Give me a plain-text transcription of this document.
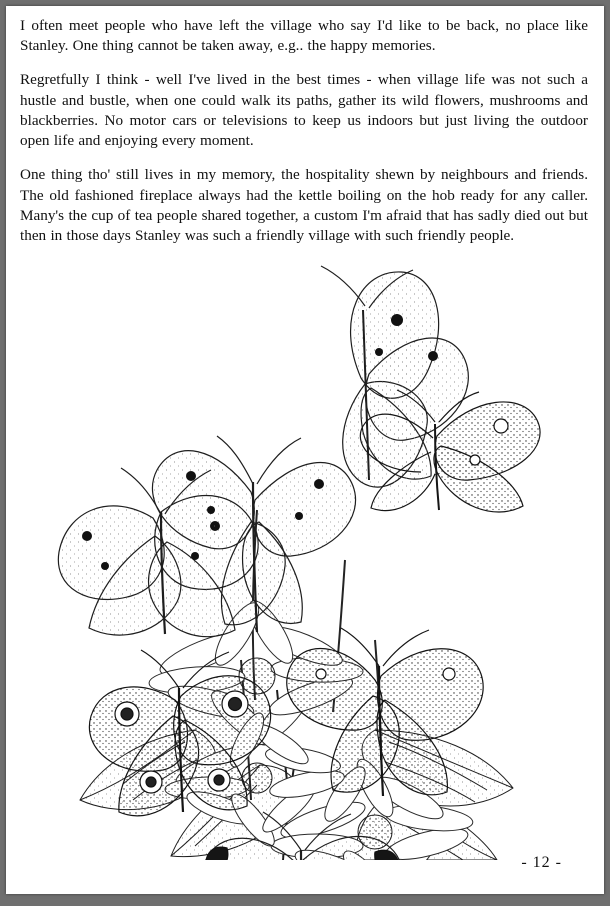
I often meet people who have left the village who say I'd like to be back, no place like Stanley. One thing cannot be taken away, e.g.. the happy memories.

Regretfully I think - well I've lived in the best times - when village life was not such a hustle and bustle, when one could walk its paths, gather its wild flowers, mushrooms and blackberries. No motor cars or televisions to keep us indoors but just living the outdoor open life and enjoying every moment.

One thing tho' still lives in my memory, the hospitality shewn by neighbours and friends. The old fashioned fireplace always had the kettle boiling on the hob ready for any caller. Many's the cup of tea people shared together, a custom I'm afraid that has sadly died out but then in those days Stanley was such a friendly village with such friendly people.

- 12 -
